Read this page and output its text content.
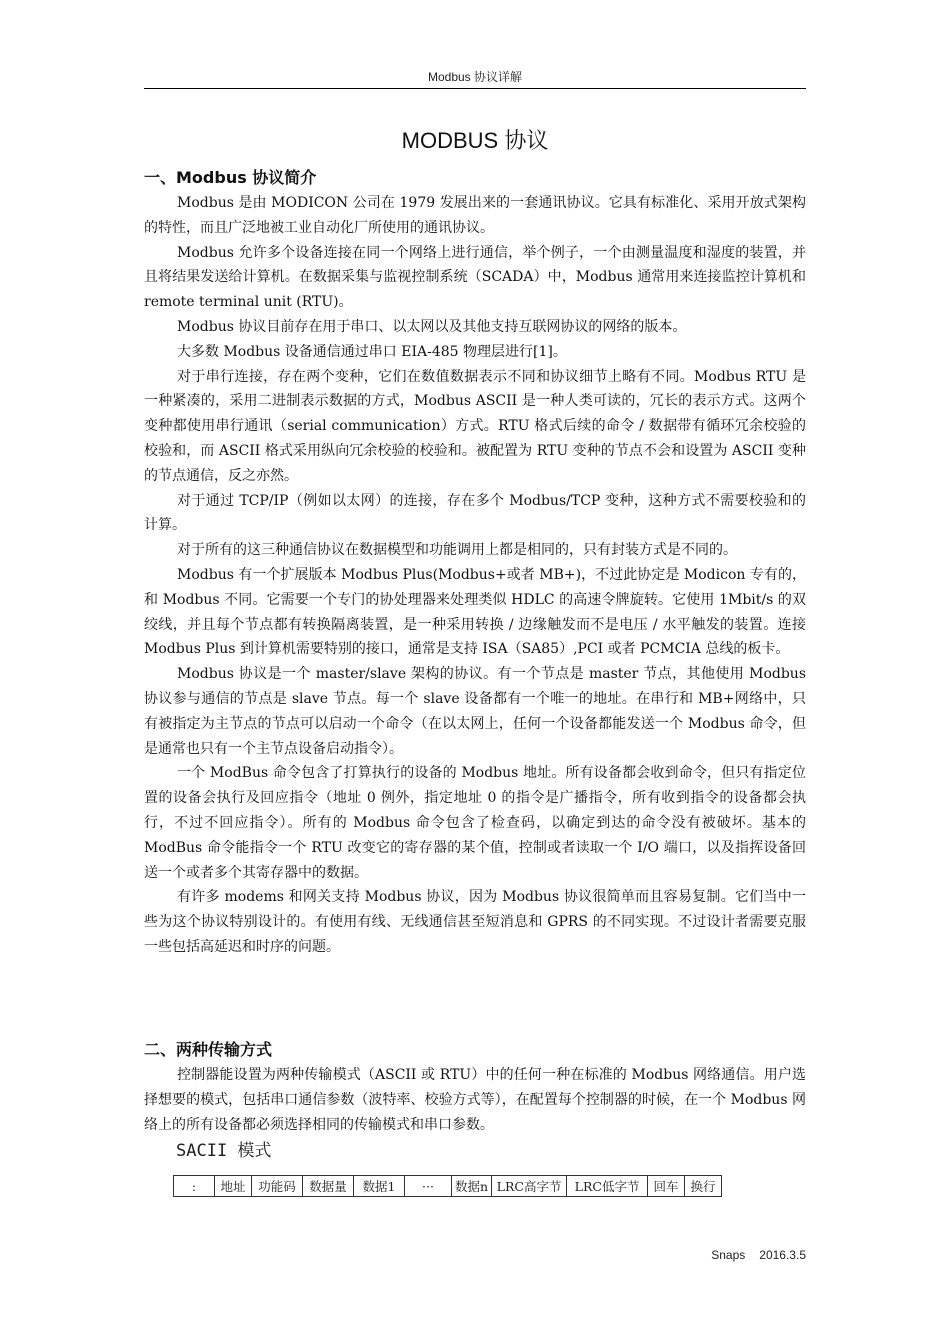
Modbus 协议详解
MODBUS 协议
一、Modbus 协议简介

Modbus 是由 MODICON 公司在 1979 发展出来的一套通讯协议。它具有标准化、采用开放式架构的特性，而且广泛地被工业自动化厂所使用的通讯协议。

Modbus 允许多个设备连接在同一个网络上进行通信，举个例子，一个由测量温度和湿度的装置，并且将结果发送给计算机。在数据采集与监视控制系统（SCADA）中，Modbus 通常用来连接监控计算机和 remote terminal unit (RTU)。

Modbus 协议目前存在用于串口、以太网以及其他支持互联网协议的网络的版本。

大多数 Modbus 设备通信通过串口 EIA-485 物理层进行[1]。

对于串行连接，存在两个变种，它们在数值数据表示不同和协议细节上略有不同。Modbus RTU 是一种紧凑的，采用二进制表示数据的方式，Modbus ASCII 是一种人类可读的，冗长的表示方式。这两个变种都使用串行通讯（serial communication）方式。RTU 格式后续的命令 / 数据带有循环冗余校验的校验和，而 ASCII 格式采用纵向冗余校验的校验和。被配置为 RTU 变种的节点不会和设置为 ASCII 变种的节点通信，反之亦然。

对于通过 TCP/IP（例如以太网）的连接，存在多个 Modbus/TCP 变种，这种方式不需要校验和的计算。

对于所有的这三种通信协议在数据模型和功能调用上都是相同的，只有封装方式是不同的。

Modbus 有一个扩展版本 Modbus Plus(Modbus+或者 MB+)，不过此协定是 Modicon 专有的，和 Modbus 不同。它需要一个专门的协处理器来处理类似 HDLC 的高速令牌旋转。它使用 1Mbit/s 的双绞线，并且每个节点都有转换隔离装置，是一种采用转换 / 边缘触发而不是电压 / 水平触发的装置。连接 Modbus Plus 到计算机需要特别的接口，通常是支持 ISA（SA85）,PCI 或者 PCMCIA 总线的板卡。

Modbus 协议是一个 master/slave 架构的协议。有一个节点是 master 节点，其他使用 Modbus 协议参与通信的节点是 slave 节点。每一个 slave 设备都有一个唯一的地址。在串行和 MB+网络中，只有被指定为主节点的节点可以启动一个命令（在以太网上，任何一个设备都能发送一个 Modbus 命令，但是通常也只有一个主节点设备启动指令）。

一个 ModBus 命令包含了打算执行的设备的 Modbus 地址。所有设备都会收到命令，但只有指定位置的设备会执行及回应指令（地址 0 例外，指定地址 0 的指令是广播指令，所有收到指令的设备都会执行，不过不回应指令）。所有的 Modbus 命令包含了检查码，以确定到达的命令没有被破坏。基本的 ModBus 命令能指令一个 RTU 改变它的寄存器的某个值，控制或者读取一个 I/O 端口，以及指挥设备回送一个或者多个其寄存器中的数据。

有许多 modems 和网关支持 Modbus 协议，因为 Modbus 协议很简单而且容易复制。它们当中一些为这个协议特别设计的。有使用有线、无线通信甚至短消息和 GPRS 的不同实现。不过设计者需要克服一些包括高延迟和时序的问题。

二、两种传输方式

控制器能设置为两种传输模式（ASCII 或 RTU）中的任何一种在标准的 Modbus 网络通信。用户选择想要的模式，包括串口通信参数（波特率、校验方式等），在配置每个控制器的时候，在一个 Modbus 网络上的所有设备都必须选择相同的传输模式和串口参数。

SACII 模式
:	地址	功能码	数据量	数据1	···	数据n	LRC高字节	LRC低字节	回车	换行
Snaps 2016.3.5
